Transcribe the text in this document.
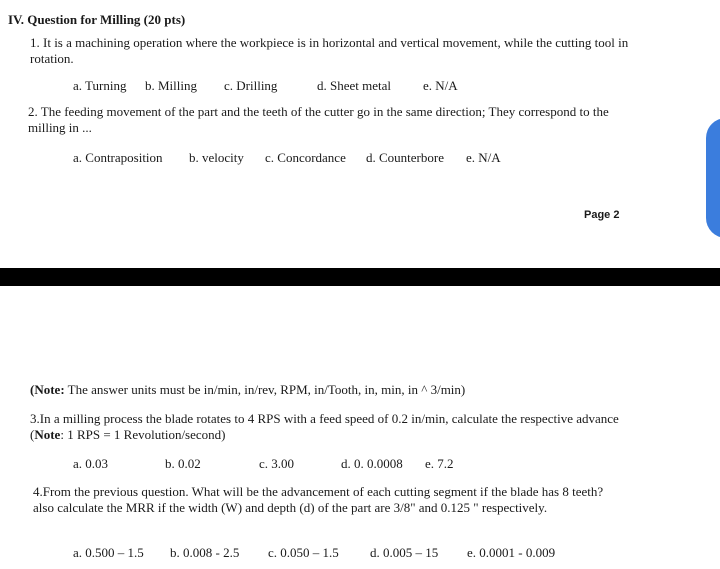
IV. Question for Milling (20 pts)
1. It is a machining operation where the workpiece is in horizontal and vertical movement, while the cutting tool in rotation.
a. Turning b. Milling c. Drilling	d. Sheet metal e. N/A
2. The feeding movement of the part and the teeth of the cutter go in the same direction; They correspond to the milling in ...
a. Contraposition b. velocity c. Concordance d. Counterbore e. N/A
Page 2
(Note: The answer units must be in/min, in/rev, RPM, in/Tooth, in, min, in ^ 3/min)
3.In a milling process the blade rotates to 4 RPS with a feed speed of 0.2 in/min, calculate the respective advance (Note: 1 RPS = 1 Revolution/second)
a. 0.03	b. 0.02	c. 3.00	d. 0. 0.0008 e. 7.2
4.From the previous question. What will be the advancement of each cutting segment if the blade has 8 teeth? also calculate the MRR if the width (W) and depth (d) of the part are 3/8" and 0.125 " respectively.
a. 0.500 – 1.5 b. 0.008 - 2.5 c. 0.050 – 1.5 d. 0.005 – 15 e. 0.0001 - 0.009
